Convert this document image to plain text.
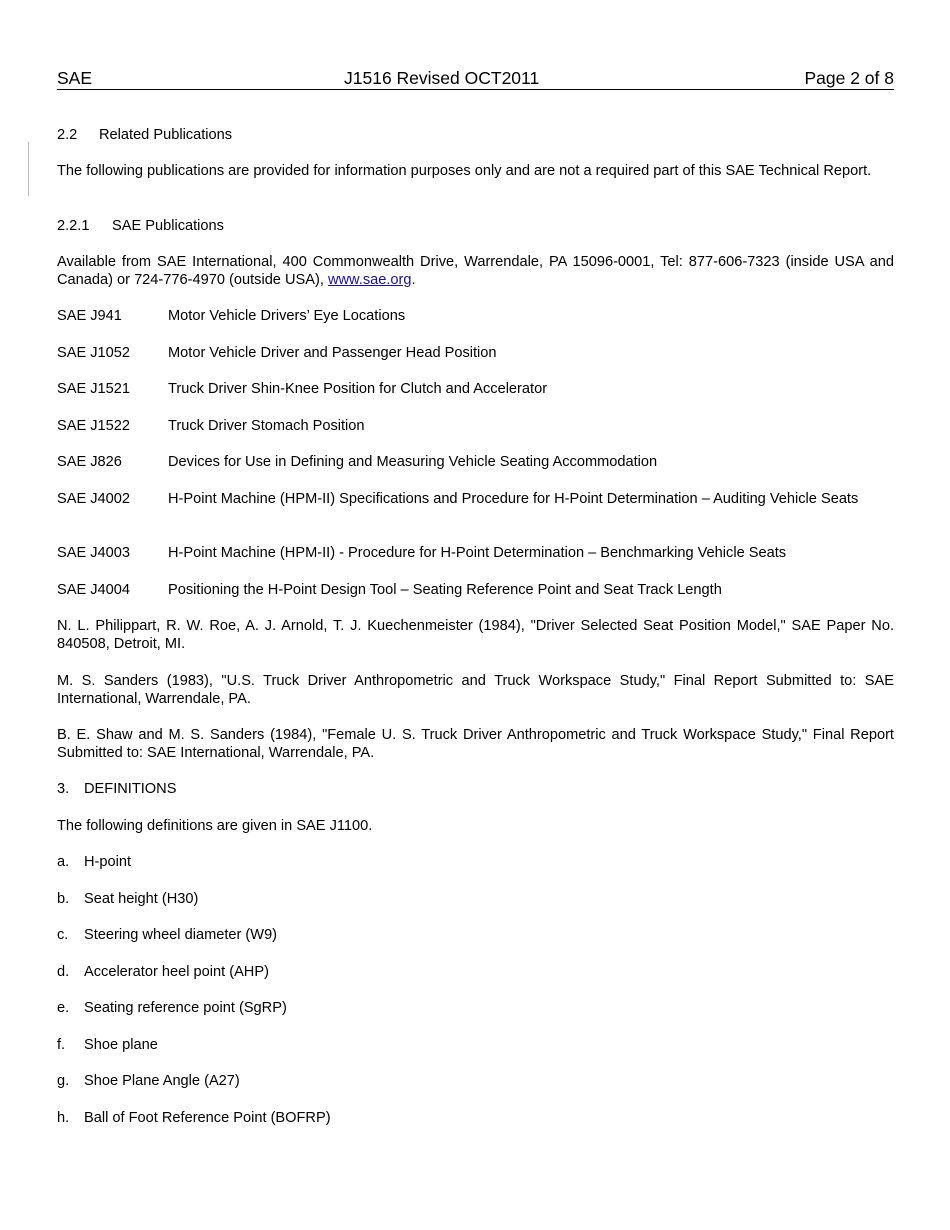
SAE	J1516 Revised OCT2011	Page 2 of 8
2.2 Related Publications

The following publications are provided for information purposes only and are not a required part of this SAE Technical Report.

2.2.1 SAE Publications

Available from SAE International, 400 Commonwealth Drive, Warrendale, PA 15096-0001, Tel: 877-606-7323 (inside USA and Canada) or 724-776-4970 (outside USA), www.sae.org.

SAE J941	Motor Vehicle Drivers’ Eye Locations
SAE J1052	Motor Vehicle Driver and Passenger Head Position
SAE J1521	Truck Driver Shin-Knee Position for Clutch and Accelerator
SAE J1522	Truck Driver Stomach Position
SAE J826	Devices for Use in Defining and Measuring Vehicle Seating Accommodation
SAE J4002	H-Point Machine (HPM-II) Specifications and Procedure for H-Point Determination – Auditing Vehicle Seats
SAE J4003	H-Point Machine (HPM-II) - Procedure for H-Point Determination – Benchmarking Vehicle Seats
SAE J4004	Positioning the H-Point Design Tool – Seating Reference Point and Seat Track Length

N. L. Philippart, R. W. Roe, A. J. Arnold, T. J. Kuechenmeister (1984), "Driver Selected Seat Position Model," SAE Paper No. 840508, Detroit, MI.

M. S. Sanders (1983), "U.S. Truck Driver Anthropometric and Truck Workspace Study," Final Report Submitted to: SAE International, Warrendale, PA.

B. E. Shaw and M. S. Sanders (1984), "Female U. S. Truck Driver Anthropometric and Truck Workspace Study," Final Report Submitted to: SAE International, Warrendale, PA.

3. DEFINITIONS

The following definitions are given in SAE J1100.

a. H-point
b. Seat height (H30)
c. Steering wheel diameter (W9)
d. Accelerator heel point (AHP)
e. Seating reference point (SgRP)
f. Shoe plane
g. Shoe Plane Angle (A27)
h. Ball of Foot Reference Point (BOFRP)
